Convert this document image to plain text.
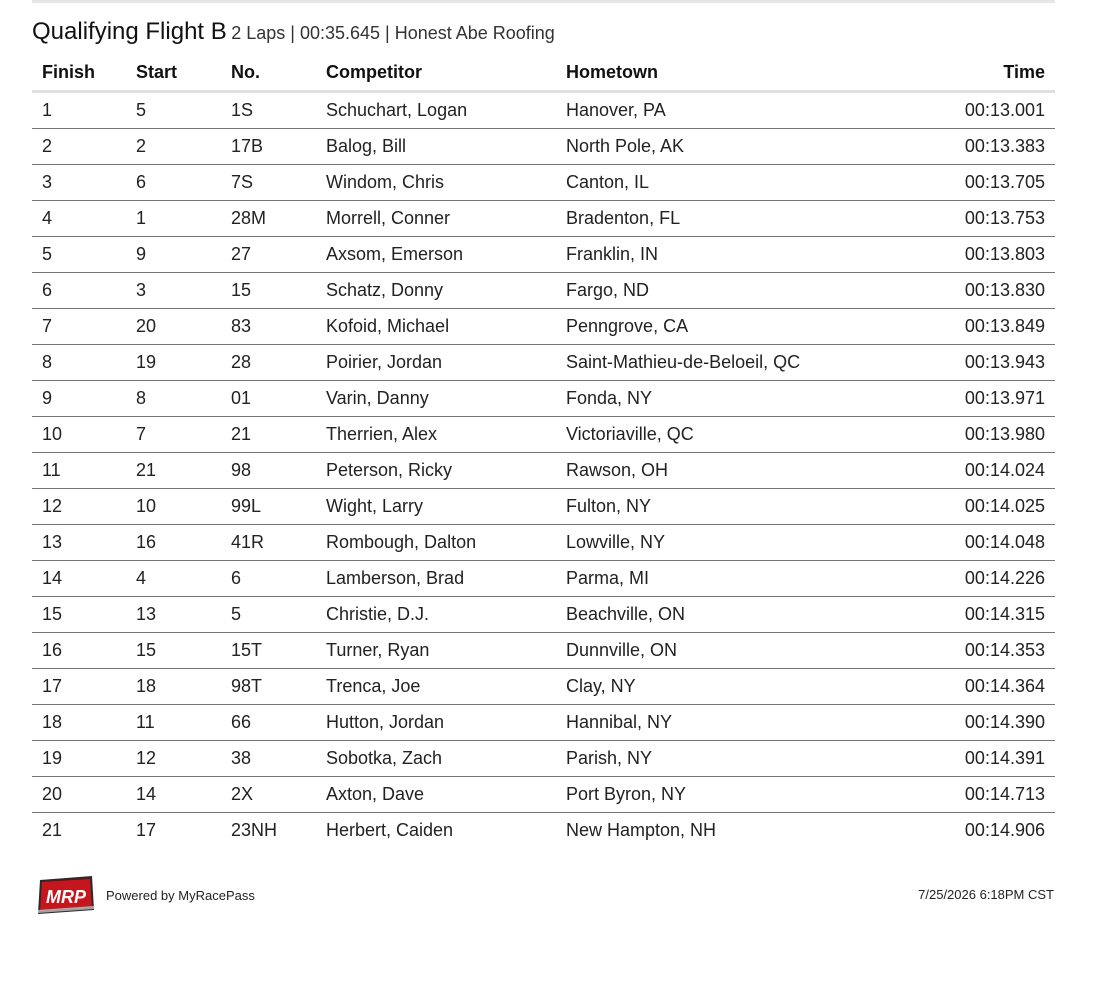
Qualifying Flight B 2 Laps | 00:35.645 | Honest Abe Roofing
Finish	Start	No.	Competitor	Hometown	Time
1	5	1S	Schuchart, Logan	Hanover, PA	00:13.001
2	2	17B	Balog, Bill	North Pole, AK	00:13.383
3	6	7S	Windom, Chris	Canton, IL	00:13.705
4	1	28M	Morrell, Conner	Bradenton, FL	00:13.753
5	9	27	Axsom, Emerson	Franklin, IN	00:13.803
6	3	15	Schatz, Donny	Fargo, ND	00:13.830
7	20	83	Kofoid, Michael	Penngrove, CA	00:13.849
8	19	28	Poirier, Jordan	Saint-Mathieu-de-Beloeil, QC	00:13.943
9	8	01	Varin, Danny	Fonda, NY	00:13.971
10	7	21	Therrien, Alex	Victoriaville, QC	00:13.980
11	21	98	Peterson, Ricky	Rawson, OH	00:14.024
12	10	99L	Wight, Larry	Fulton, NY	00:14.025
13	16	41R	Rombough, Dalton	Lowville, NY	00:14.048
14	4	6	Lamberson, Brad	Parma, MI	00:14.226
15	13	5	Christie, D.J.	Beachville, ON	00:14.315
16	15	15T	Turner, Ryan	Dunnville, ON	00:14.353
17	18	98T	Trenca, Joe	Clay, NY	00:14.364
18	11	66	Hutton, Jordan	Hannibal, NY	00:14.390
19	12	38	Sobotka, Zach	Parish, NY	00:14.391
20	14	2X	Axton, Dave	Port Byron, NY	00:14.713
21	17	23NH	Herbert, Caiden	New Hampton, NH	00:14.906
MRP Powered by MyRacePass	7/25/2026 6:18PM CST
